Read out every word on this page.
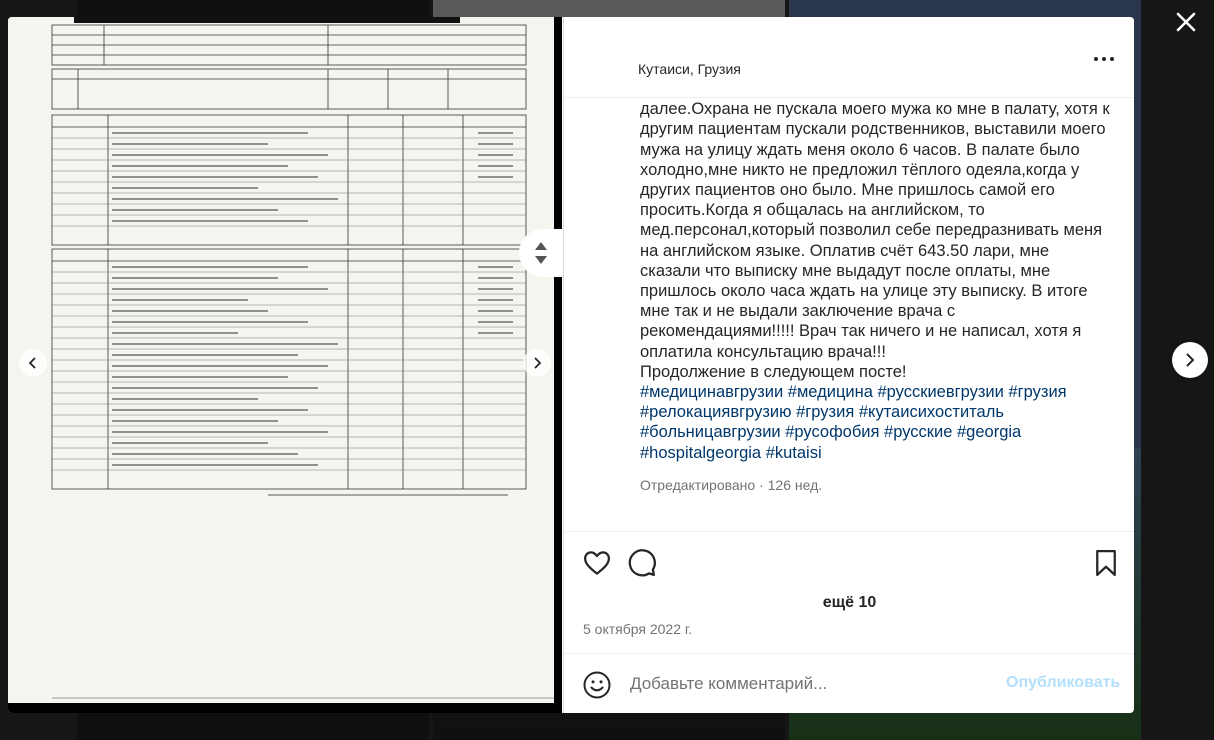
Кутаиси, Грузия
далее.Охрана не пускала моего мужа ко мне в палату, хотя к другим пациентам пускали родственников, выставили моего мужа на улицу ждать меня около 6 часов. В палате было холодно,мне никто не предложил тёплого одеяла,когда у других пациентов оно было. Мне пришлось самой его просить.Когда я общалась на английском, то мед.персонал,который позволил себе передразнивать меня на английском языке. Оплатив счёт 643.50 лари, мне сказали что выписку мне выдадут после оплаты, мне пришлось около часа ждать на улице эту выписку. В итоге мне так и не выдали заключение врача с рекомендациями!!!!! Врач так ничего и не написал, хотя я оплатила консультацию врача!!!
Продолжение в следующем посте!
#медицинавгрузии #медицина #русскиевгрузии #грузия #релокациявгрузию #грузия #кутаисихоститаль #больницавгрузии #русофобия #русские #georgia #hospitalgeorgia #kutaisi
Отредактировано · 126 нед.
ещё 10
5 октября 2022 г.
Добавьте комментарий...
Опубликовать
